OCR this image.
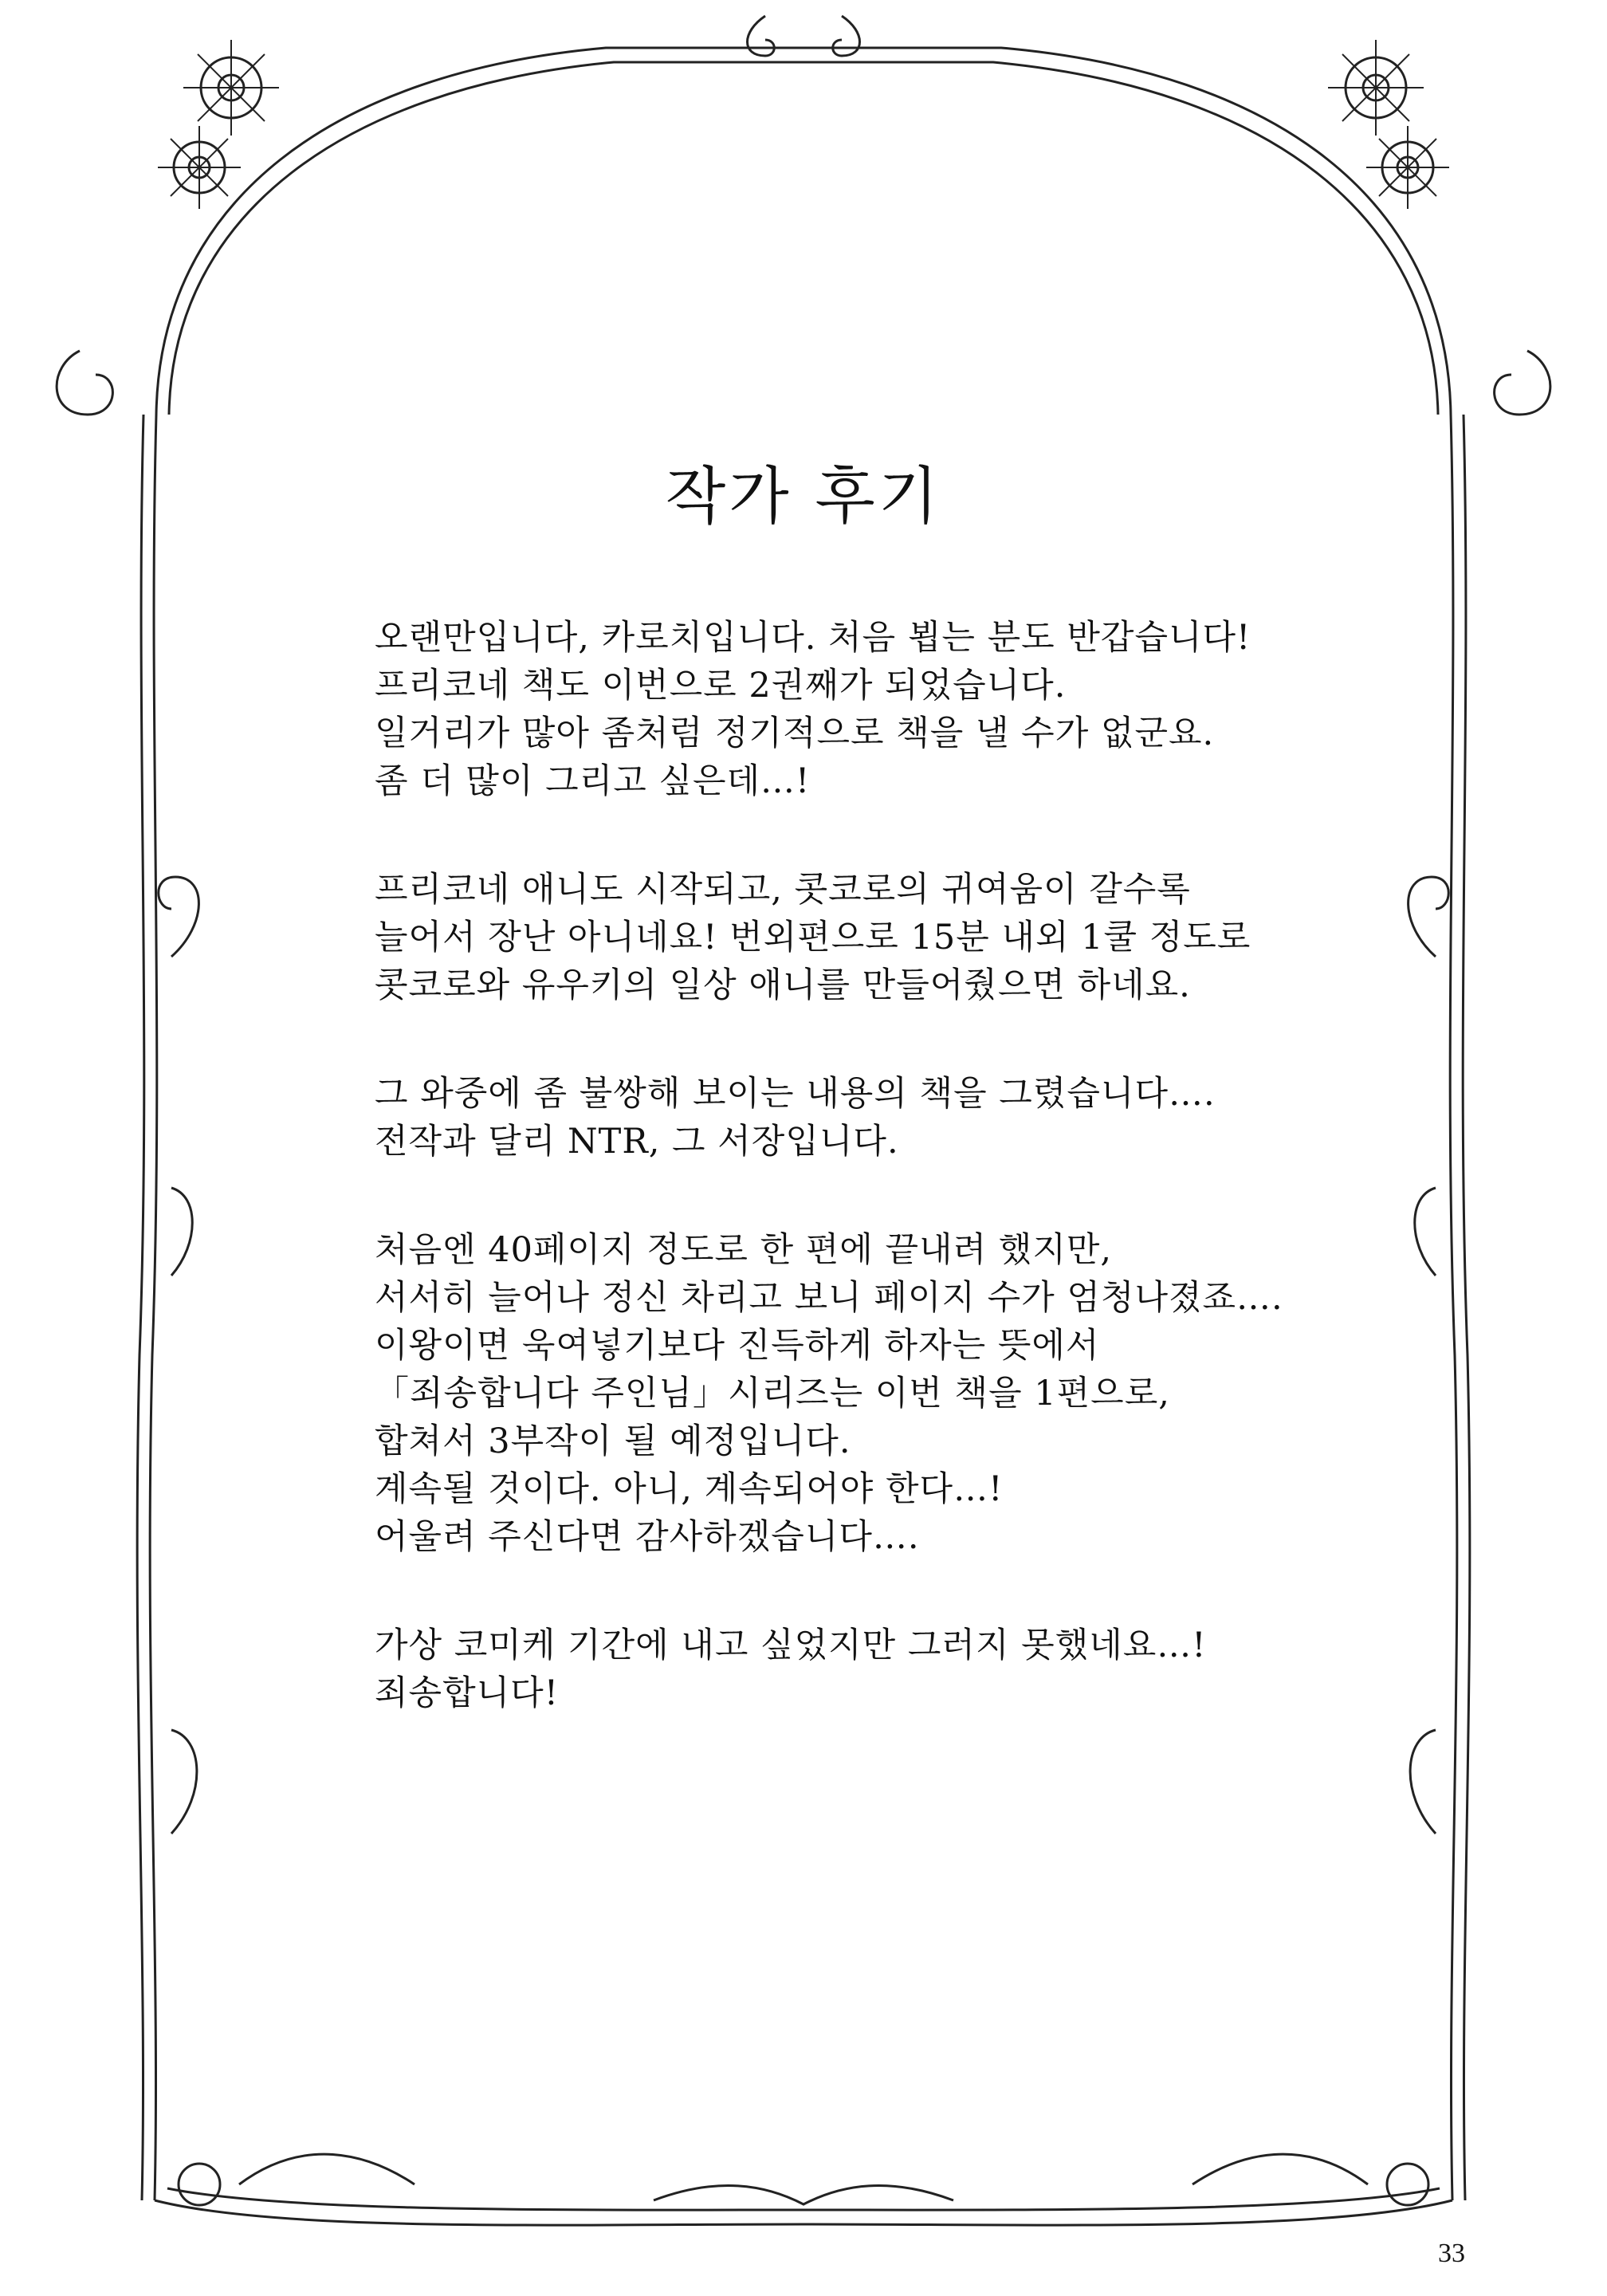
작가 후기
오랜만입니다, 카로치입니다. 처음 뵙는 분도 반갑습니다!
프리코네 책도 이번으로 2권째가 되었습니다.
일거리가 많아 좀처럼 정기적으로 책을 낼 수가 없군요.
좀 더 많이 그리고 싶은데…!
프리코네 애니도 시작되고, 콧코로의 귀여움이 갈수록
늘어서 장난 아니네요! 번외편으로 15분 내외 1쿨 정도로
콧코로와 유우키의 일상 애니를 만들어줬으면 하네요.
그 와중에 좀 불쌍해 보이는 내용의 책을 그렸습니다….
전작과 달리 NTR, 그 서장입니다.
처음엔 40페이지 정도로 한 편에 끝내려 했지만,
서서히 늘어나 정신 차리고 보니 페이지 수가 엄청나졌죠….
이왕이면 욱여넣기보다 진득하게 하자는 뜻에서
「죄송합니다 주인님」시리즈는 이번 책을 1편으로,
합쳐서 3부작이 될 예정입니다.
계속될 것이다. 아니, 계속되어야 한다…!
어울려 주신다면 감사하겠습니다….
가상 코미케 기간에 내고 싶었지만 그러지 못했네요…!
죄송합니다!
33
